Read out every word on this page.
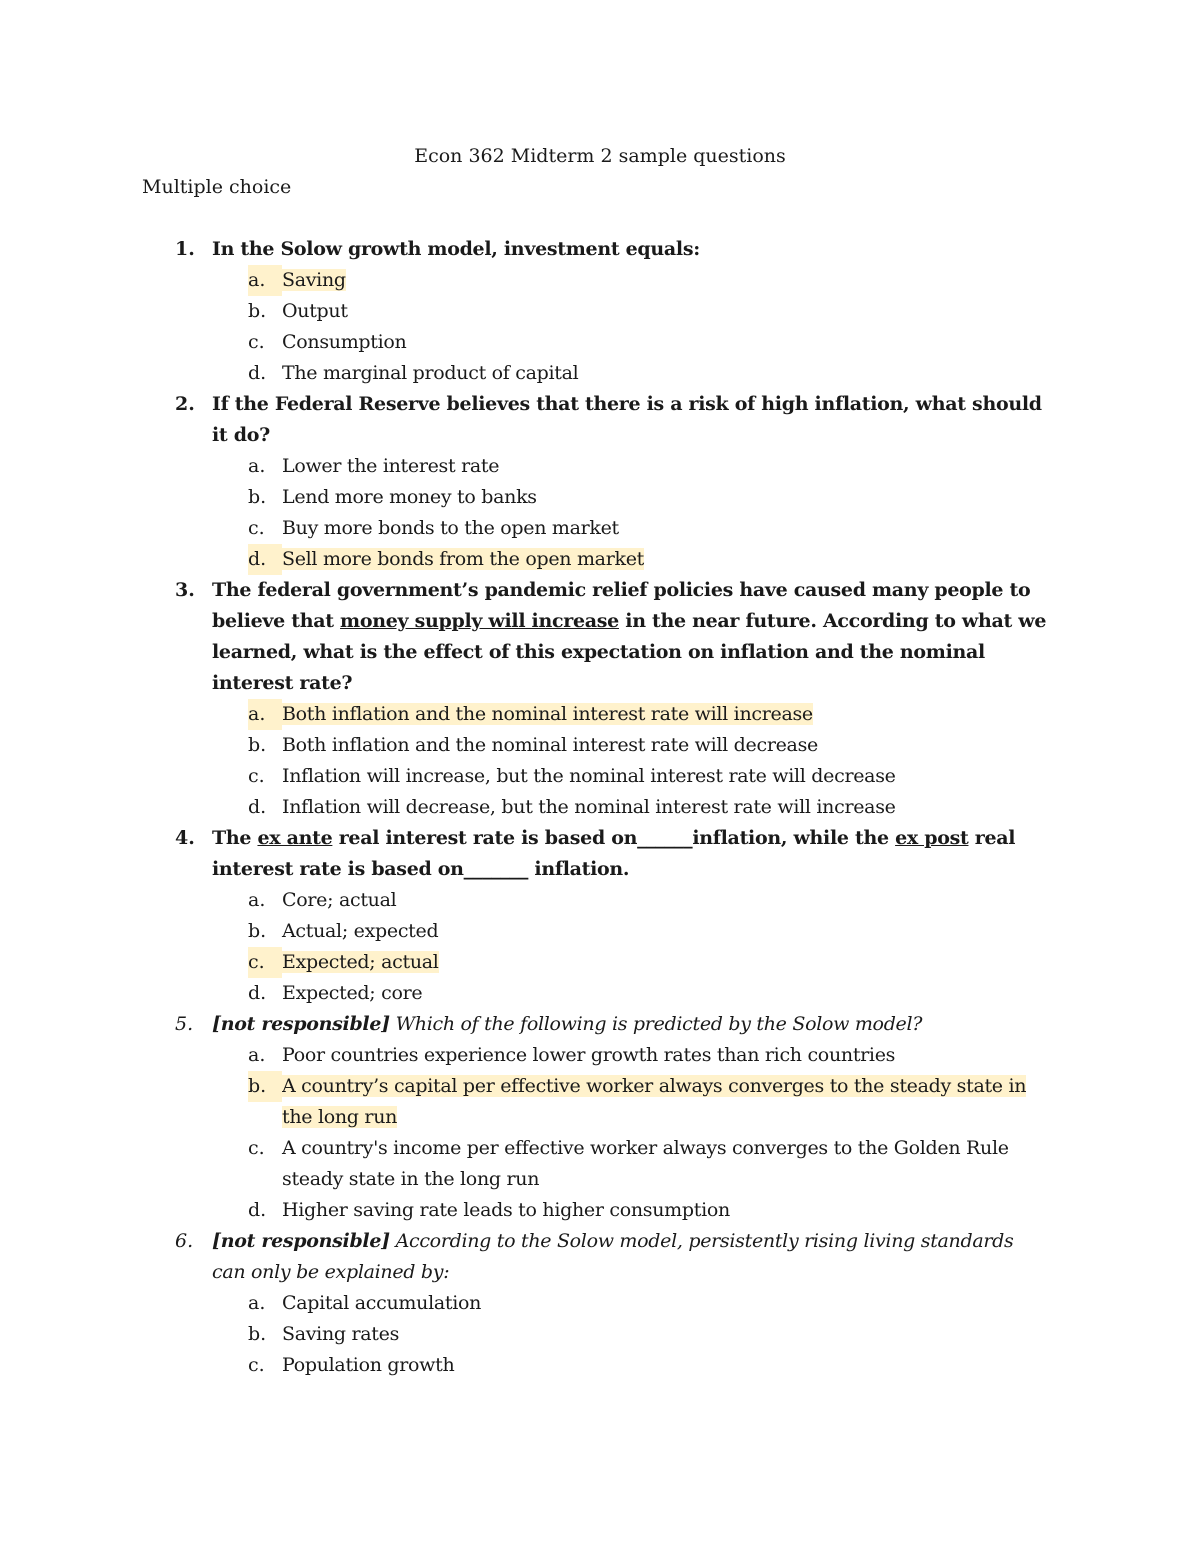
Econ 362 Midterm 2 sample questions
Multiple choice
1. In the Solow growth model, investment equals:
a. Saving
b. Output
c. Consumption
d. The marginal product of capital
2. If the Federal Reserve believes that there is a risk of high inflation, what should it do?
a. Lower the interest rate
b. Lend more money to banks
c. Buy more bonds to the open market
d. Sell more bonds from the open market
3. The federal government’s pandemic relief policies have caused many people to believe that money supply will increase in the near future. According to what we learned, what is the effect of this expectation on inflation and the nominal interest rate?
a. Both inflation and the nominal interest rate will increase
b. Both inflation and the nominal interest rate will decrease
c. Inflation will increase, but the nominal interest rate will decrease
d. Inflation will decrease, but the nominal interest rate will increase
4. The ex ante real interest rate is based on______inflation, while the ex post real interest rate is based on_______ inflation.
a. Core; actual
b. Actual; expected
c. Expected; actual
d. Expected; core
5. [not responsible] Which of the following is predicted by the Solow model?
a. Poor countries experience lower growth rates than rich countries
b. A country’s capital per effective worker always converges to the steady state in the long run
c. A country's income per effective worker always converges to the Golden Rule steady state in the long run
d. Higher saving rate leads to higher consumption
6. [not responsible] According to the Solow model, persistently rising living standards can only be explained by:
a. Capital accumulation
b. Saving rates
c. Population growth
